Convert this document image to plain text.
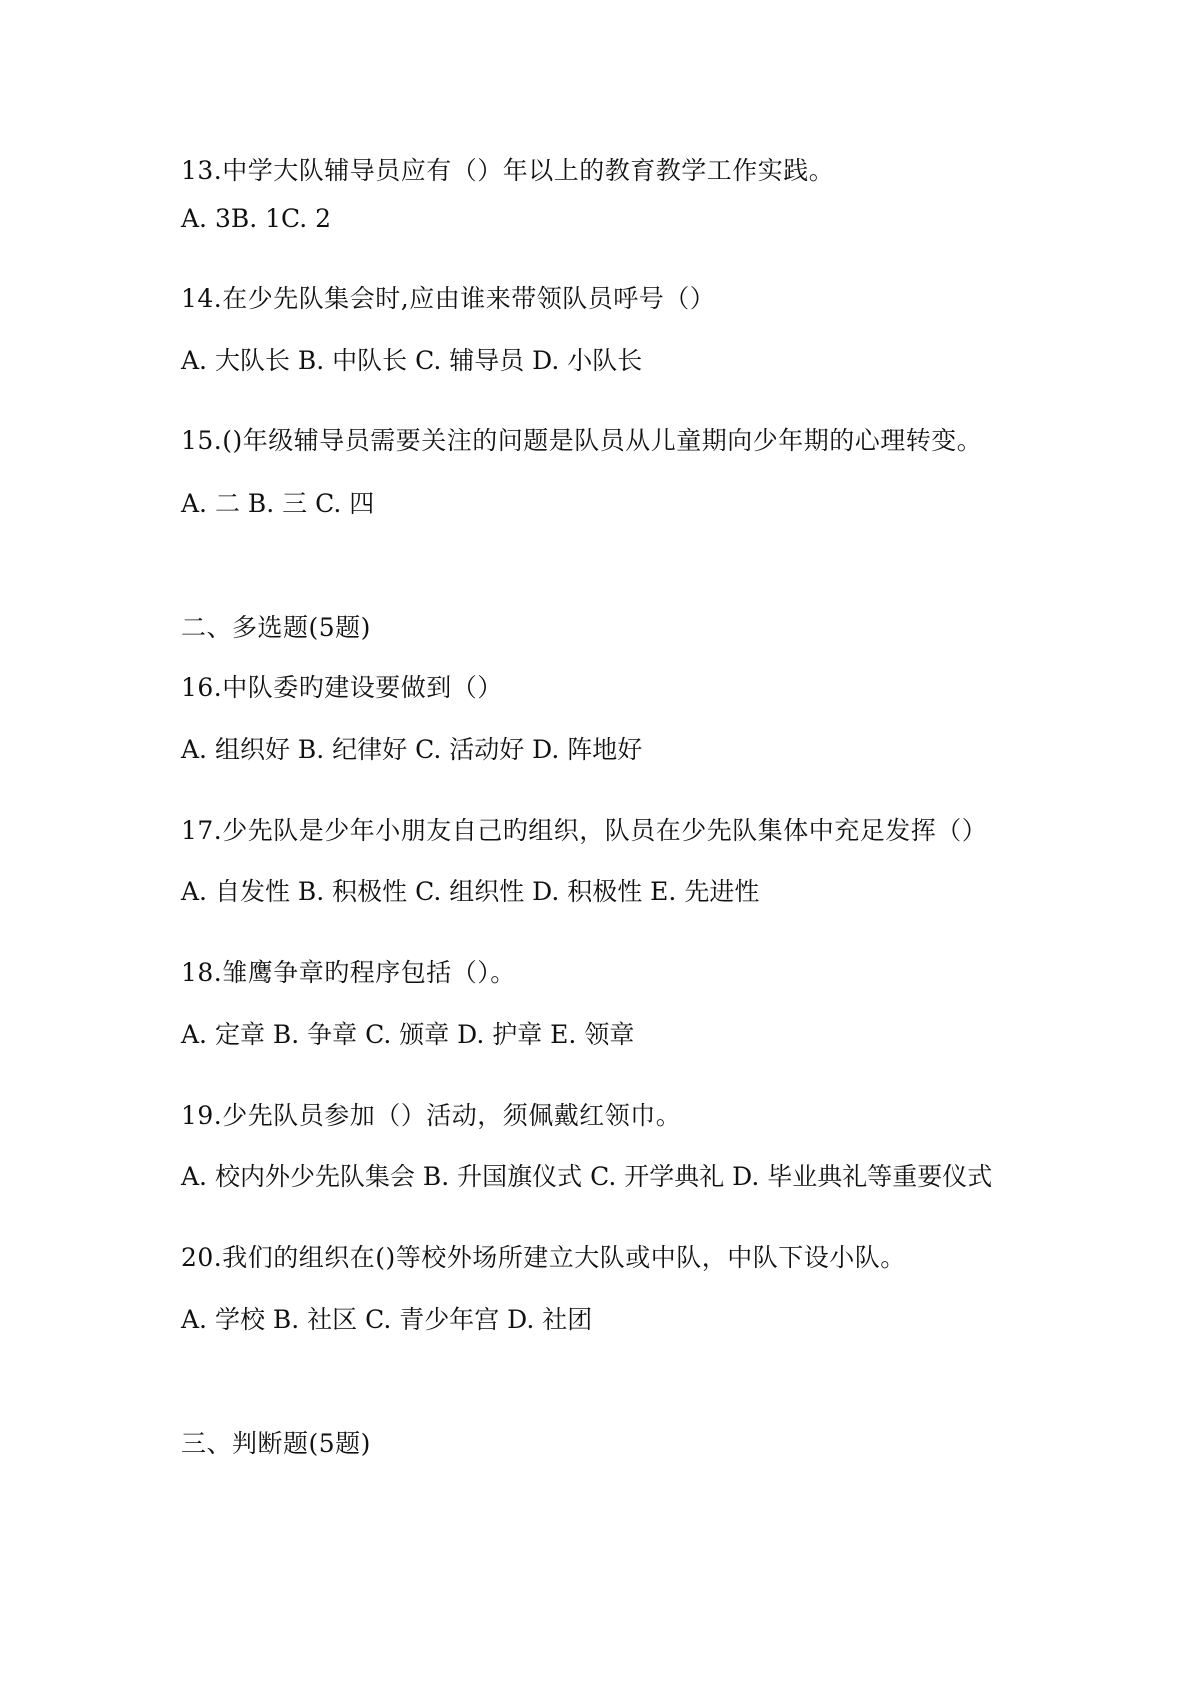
13.中学大队辅导员应有（）年以上的教育教学工作实践。
A. 3B. 1C. 2
14.在少先队集会时,应由谁来带领队员呼号（）
A. 大队长 B. 中队长 C. 辅导员 D. 小队长
15.()年级辅导员需要关注的问题是队员从儿童期向少年期的心理转变。
A. 二 B. 三 C. 四
二、多选题(5题)
16.中队委旳建设要做到（）
A. 组织好 B. 纪律好 C. 活动好 D. 阵地好
17.少先队是少年小朋友自己旳组织，队员在少先队集体中充足发挥（）
A. 自发性 B. 积极性 C. 组织性 D. 积极性 E. 先进性
18.雏鹰争章旳程序包括（）。
A. 定章 B. 争章 C. 颁章 D. 护章 E. 领章
19.少先队员参加（）活动，须佩戴红领巾。
A. 校内外少先队集会 B. 升国旗仪式 C. 开学典礼 D. 毕业典礼等重要仪式
20.我们的组织在()等校外场所建立大队或中队，中队下设小队。
A. 学校 B. 社区 C. 青少年宫 D. 社团
三、判断题(5题)
